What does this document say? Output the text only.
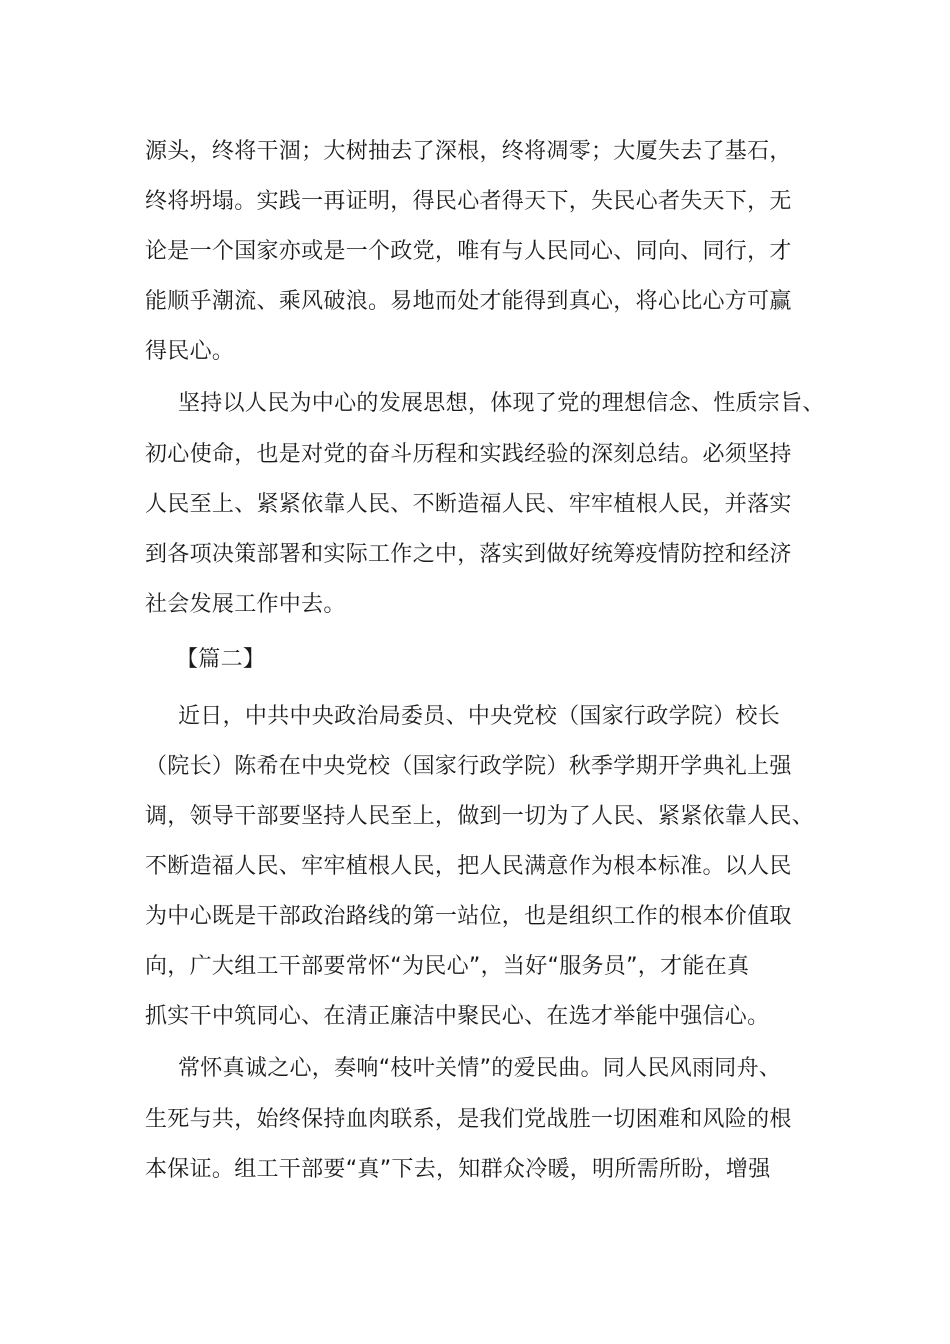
源头，终将干涸；大树抽去了深根，终将凋零；大厦失去了基石，

终将坍塌。实践一再证明，得民心者得天下，失民心者失天下，无

论是一个国家亦或是一个政党，唯有与人民同心、同向、同行，才

能顺乎潮流、乘风破浪。易地而处才能得到真心，将心比心方可赢

得民心。

坚持以人民为中心的发展思想，体现了党的理想信念、性质宗旨、

初心使命，也是对党的奋斗历程和实践经验的深刻总结。必须坚持

人民至上、紧紧依靠人民、不断造福人民、牢牢植根人民，并落实

到各项决策部署和实际工作之中，落实到做好统筹疫情防控和经济

社会发展工作中去。

【篇二】

近日，中共中央政治局委员、中央党校（国家行政学院）校长

（院长）陈希在中央党校（国家行政学院）秋季学期开学典礼上强

调，领导干部要坚持人民至上，做到一切为了人民、紧紧依靠人民、

不断造福人民、牢牢植根人民，把人民满意作为根本标准。以人民

为中心既是干部政治路线的第一站位，也是组织工作的根本价值取

向，广大组工干部要常怀“为民心”，当好“服务员”，才能在真

抓实干中筑同心、在清正廉洁中聚民心、在选才举能中强信心。

常怀真诚之心，奏响“枝叶关情”的爱民曲。同人民风雨同舟、

生死与共，始终保持血肉联系，是我们党战胜一切困难和风险的根

本保证。组工干部要“真”下去，知群众冷暖，明所需所盼，增强
